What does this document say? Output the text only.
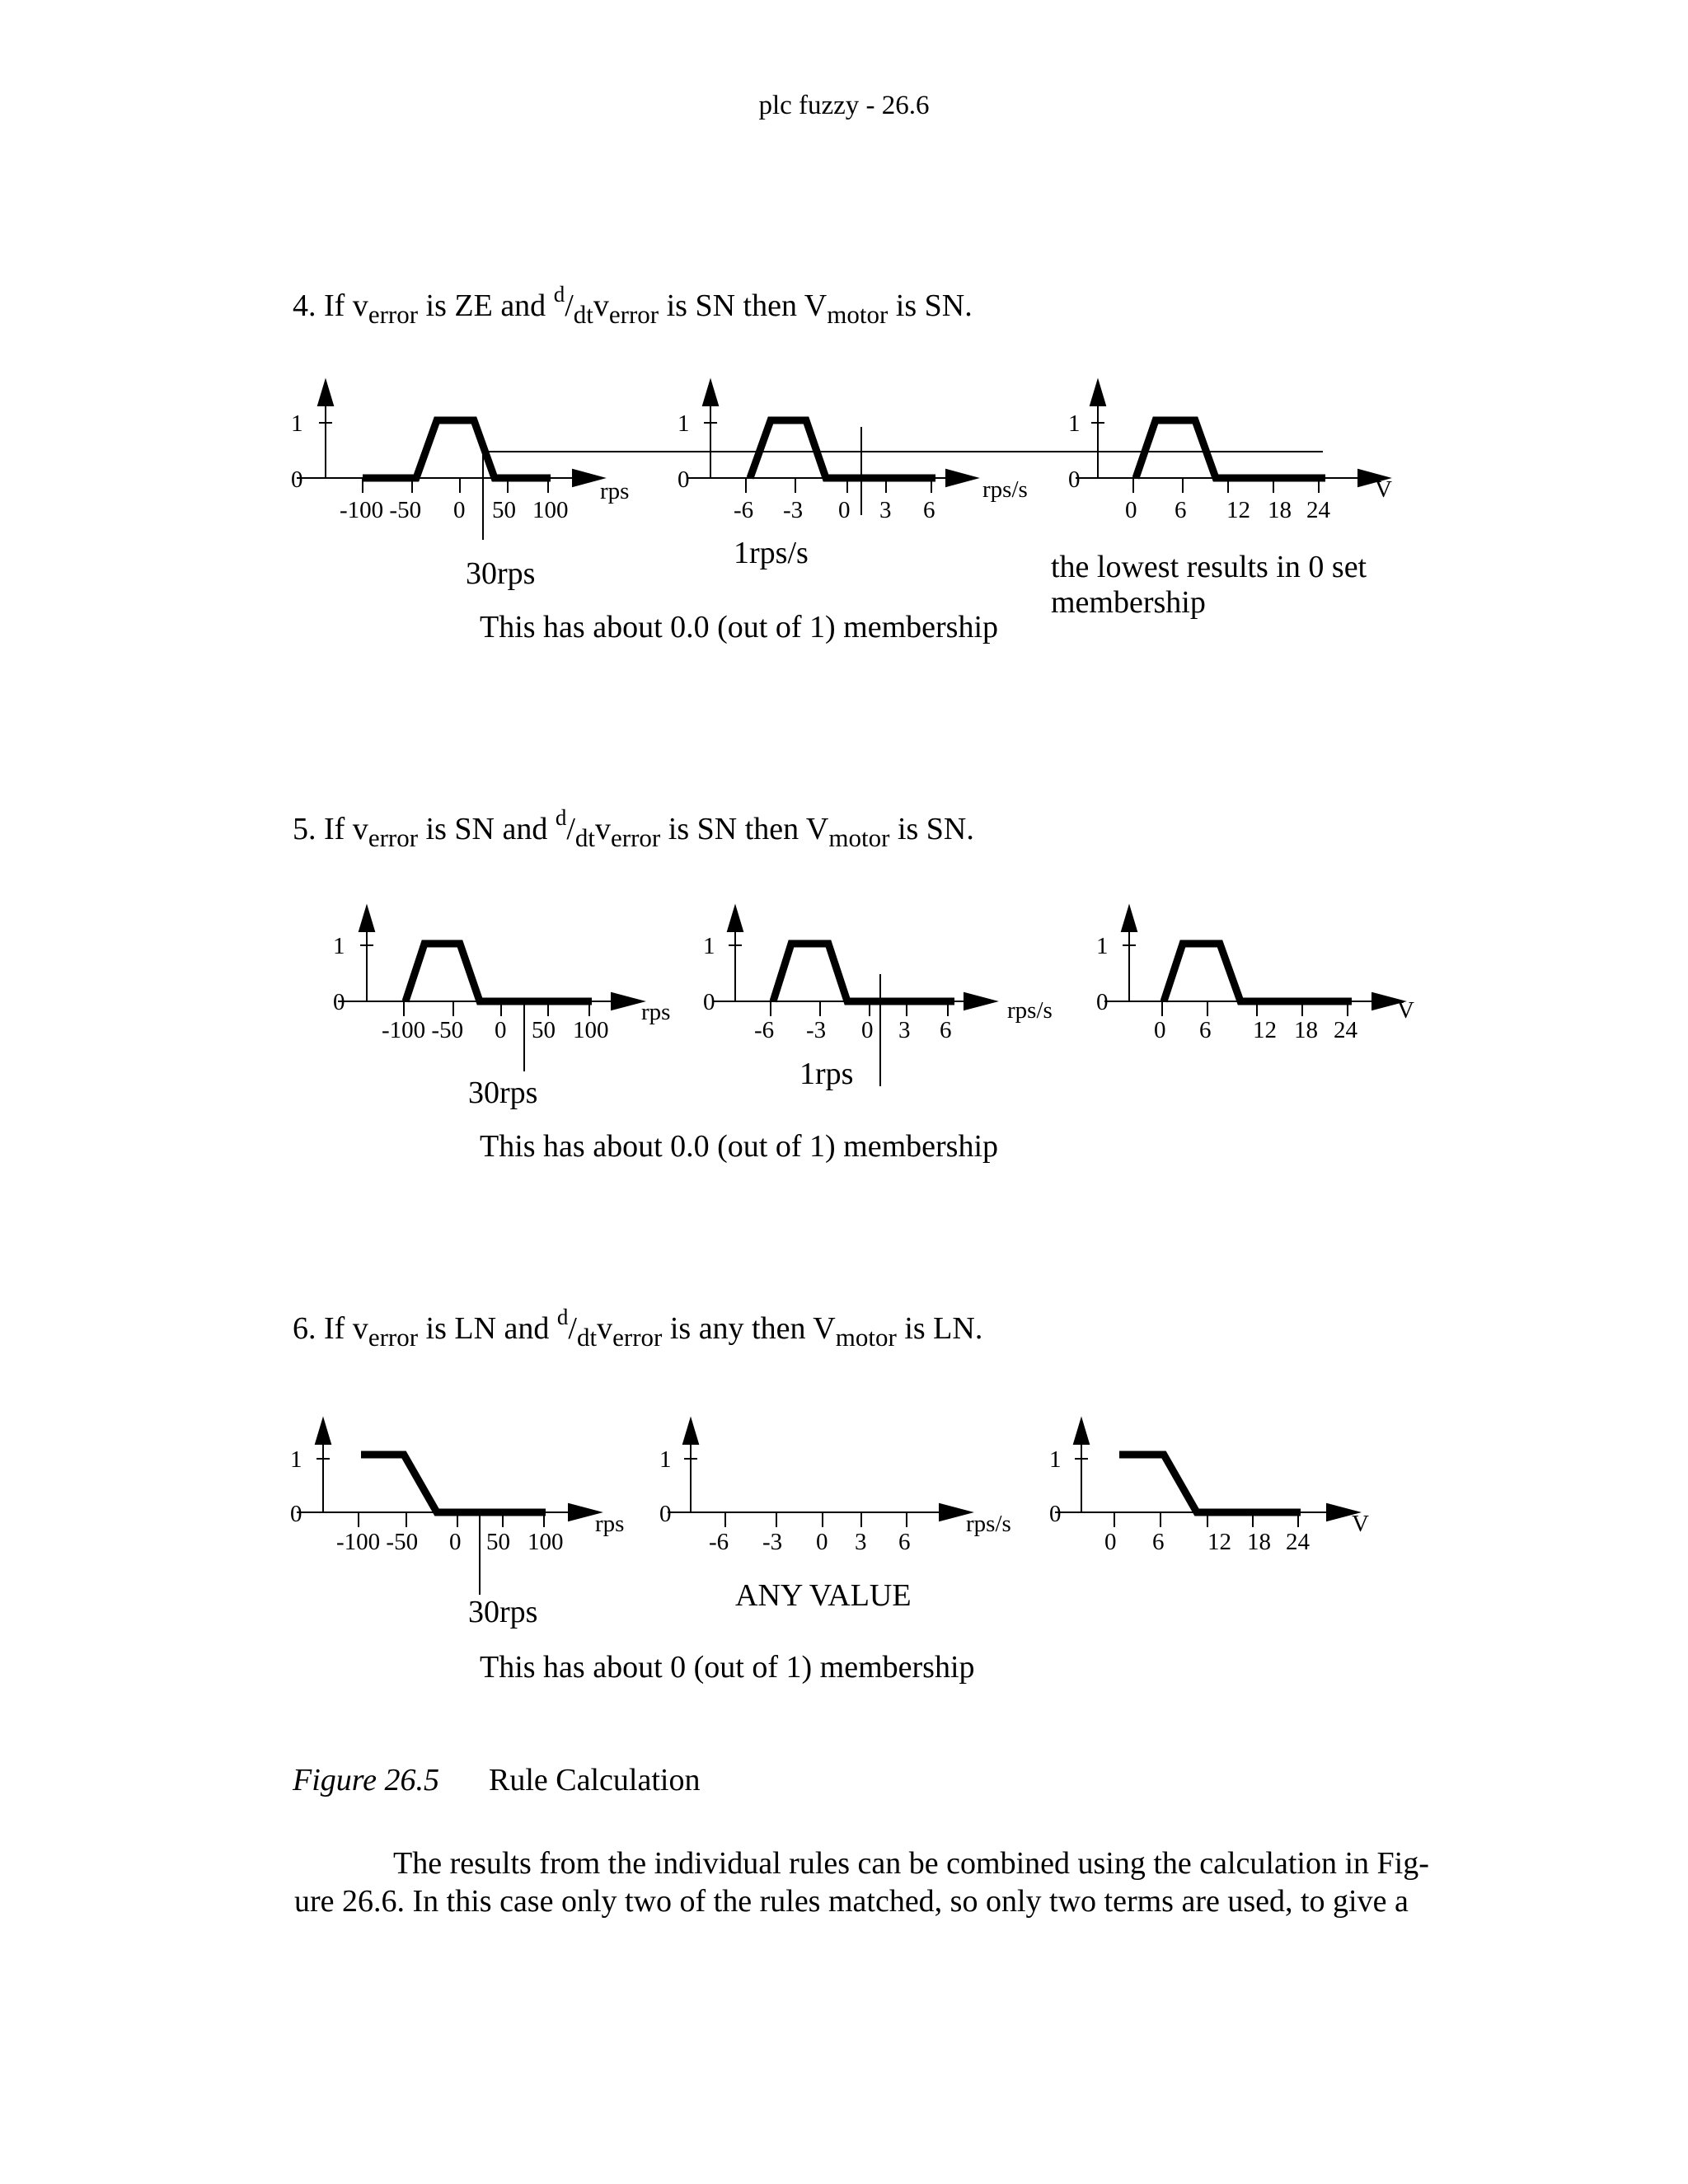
plc fuzzy - 26.6
4. If $v_{error}$ is ZE and $^d/_{dt}v_{error}$ is SN then $V_{motor}$ is SN.
5. If $v_{error}$ is SN and $^d/_{dt}v_{error}$ is SN then $V_{motor}$ is SN.
6. If $v_{error}$ is LN and $^d/_{dt}v_{error}$ is any then $V_{motor}$ is LN.
1
0
-100 -50 0 50 100
rps
30rps
1
0
-6 -3 0 3 6
rps/s
1rps/s
1
0
0 6 12 18 24
V
This has about 0.0 (out of 1) membership
the lowest results in 0 set
membership
1
0
-100 -50 0 50 100
rps
30rps
1
0
-6 -3 0 3 6
rps/s
1rps
1
0
0 6 12 18 24
V
This has about 0.0 (out of 1) membership
1
0
-100 -50 0 50 100
rps
30rps
1
0
-6 -3 0 3 6
rps/s
ANY VALUE
1
0
0 6 12 18 24
V
This has about 0 (out of 1) membership
Figure 26.5 Rule Calculation
The results from the individual rules can be combined using the calculation in Fig-
ure 26.6. In this case only two of the rules matched, so only two terms are used, to give a
